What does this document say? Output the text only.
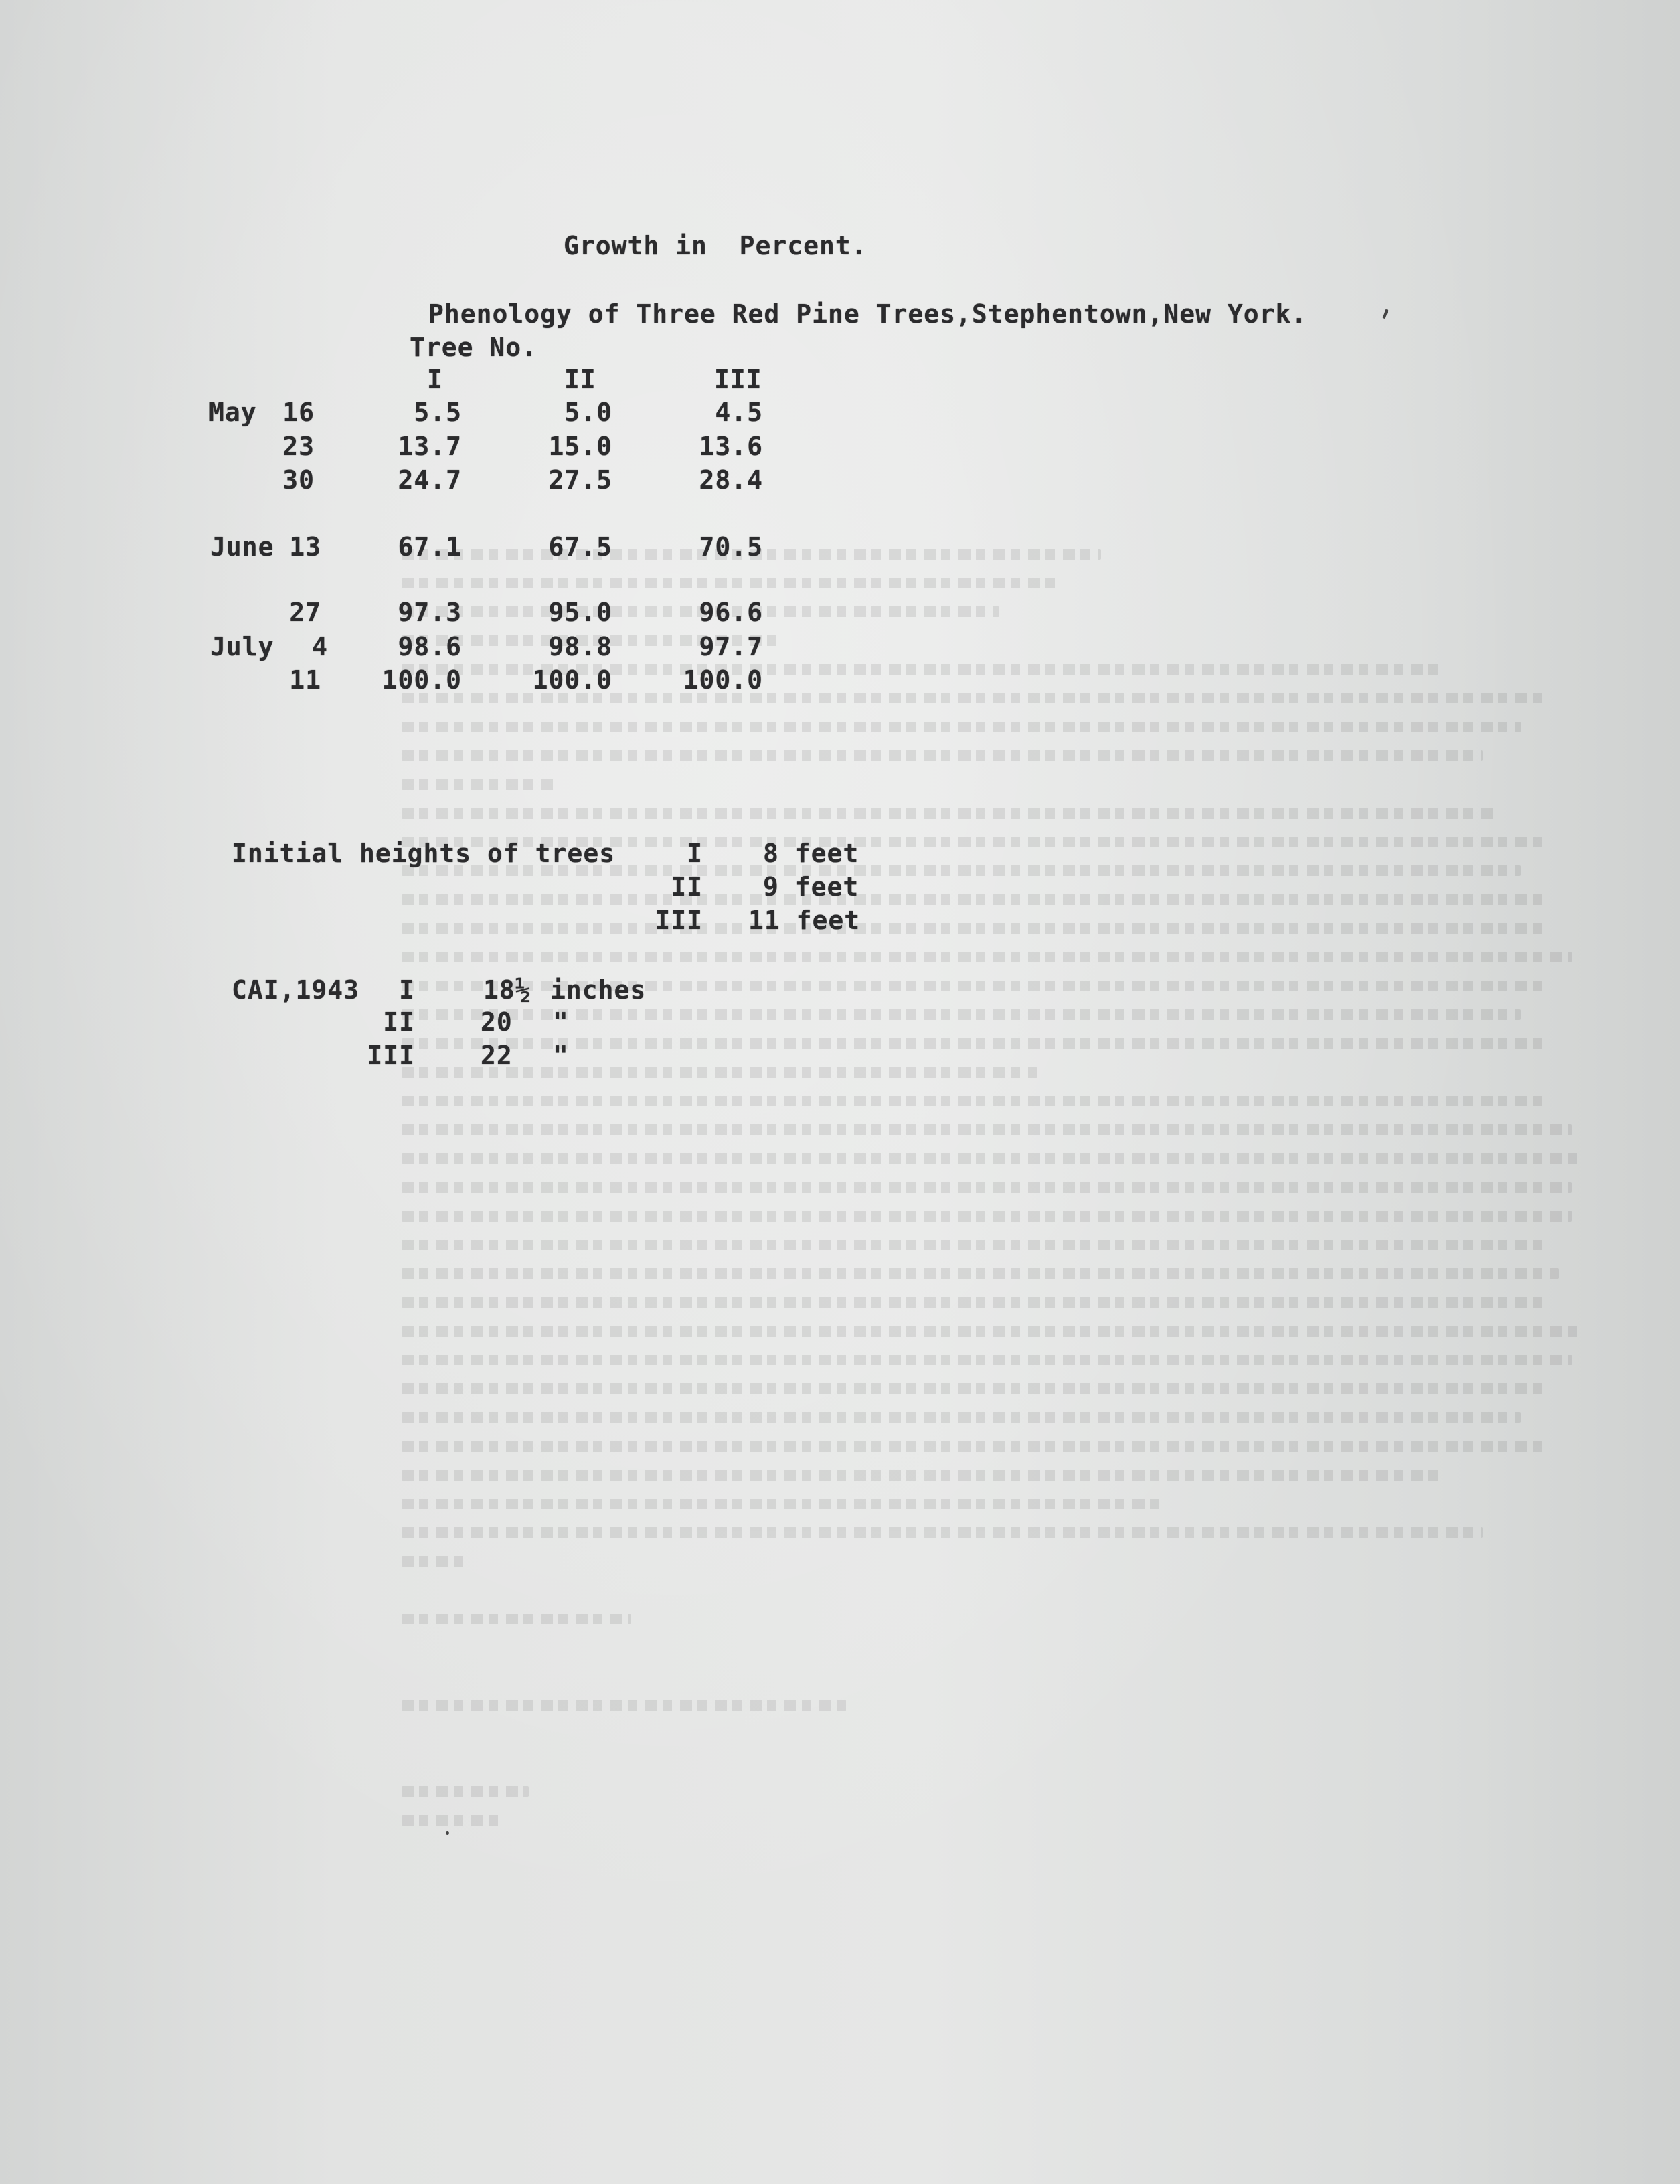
Growth in  Percent.
Phenology of Three Red Pine Trees,Stephentown,New York.
Tree No.
I	II	III
May	16	5.5	5.0	4.5
23	13.7	15.0	13.6
30	24.7	27.5	28.4
June 13	67.1	67.5	70.5
27	97.3	95.0	96.6
July	4	98.6	98.8	97.7
11	100.0	100.0	100.0
Initial heights of trees	I 8 feet
II 9 feet
III 11 feet
CAI,1943	I	18½ inches
II	20 "
III	22 "
